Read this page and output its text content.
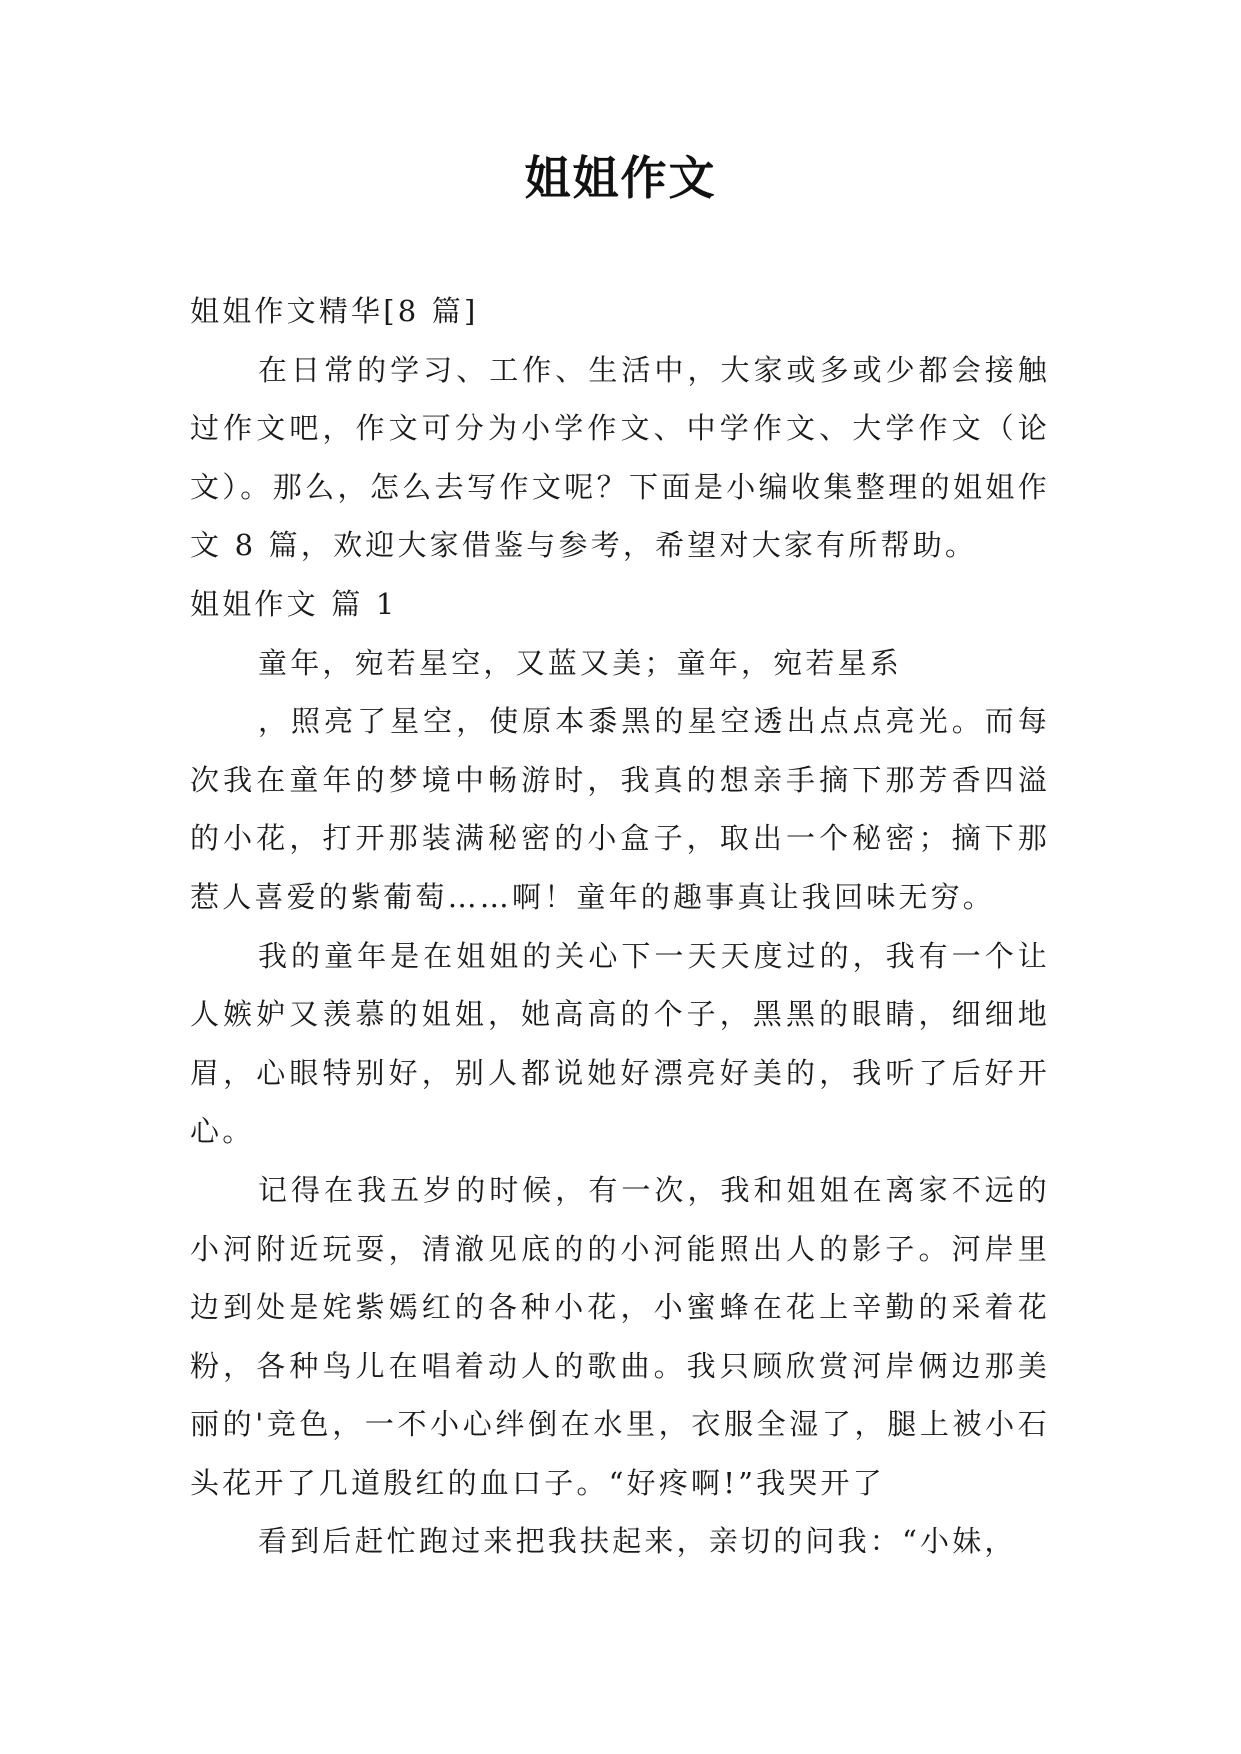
姐姐作文

姐姐作文精华[8 篇]

在日常的学习、工作、生活中，大家或多或少都会接触过作文吧，作文可分为小学作文、中学作文、大学作文（论文）。那么，怎么去写作文呢？下面是小编收集整理的姐姐作文 8 篇，欢迎大家借鉴与参考，希望对大家有所帮助。

姐姐作文 篇 1

童年，宛若星空，又蓝又美；童年，宛若星系

，照亮了星空，使原本黍黑的星空透出点点亮光。而每次我在童年的梦境中畅游时，我真的想亲手摘下那芳香四溢的小花，打开那装满秘密的小盒子，取出一个秘密；摘下那惹人喜爱的紫葡萄……啊！童年的趣事真让我回味无穷。

我的童年是在姐姐的关心下一天天度过的，我有一个让人嫉妒又羡慕的姐姐，她高高的个子，黑黑的眼睛，细细地眉，心眼特别好，别人都说她好漂亮好美的，我听了后好开心。

记得在我五岁的时候，有一次，我和姐姐在离家不远的小河附近玩耍，清澈见底的的小河能照出人的影子。河岸里边到处是姹紫嫣红的各种小花，小蜜蜂在花上辛勤的采着花粉，各种鸟儿在唱着动人的歌曲。我只顾欣赏河岸俩边那美丽的'竞色，一不小心绊倒在水里，衣服全湿了，腿上被小石头花开了几道殷红的血口子。“好疼啊!”我哭开了

看到后赶忙跑过来把我扶起来，亲切的问我：“小妹，
